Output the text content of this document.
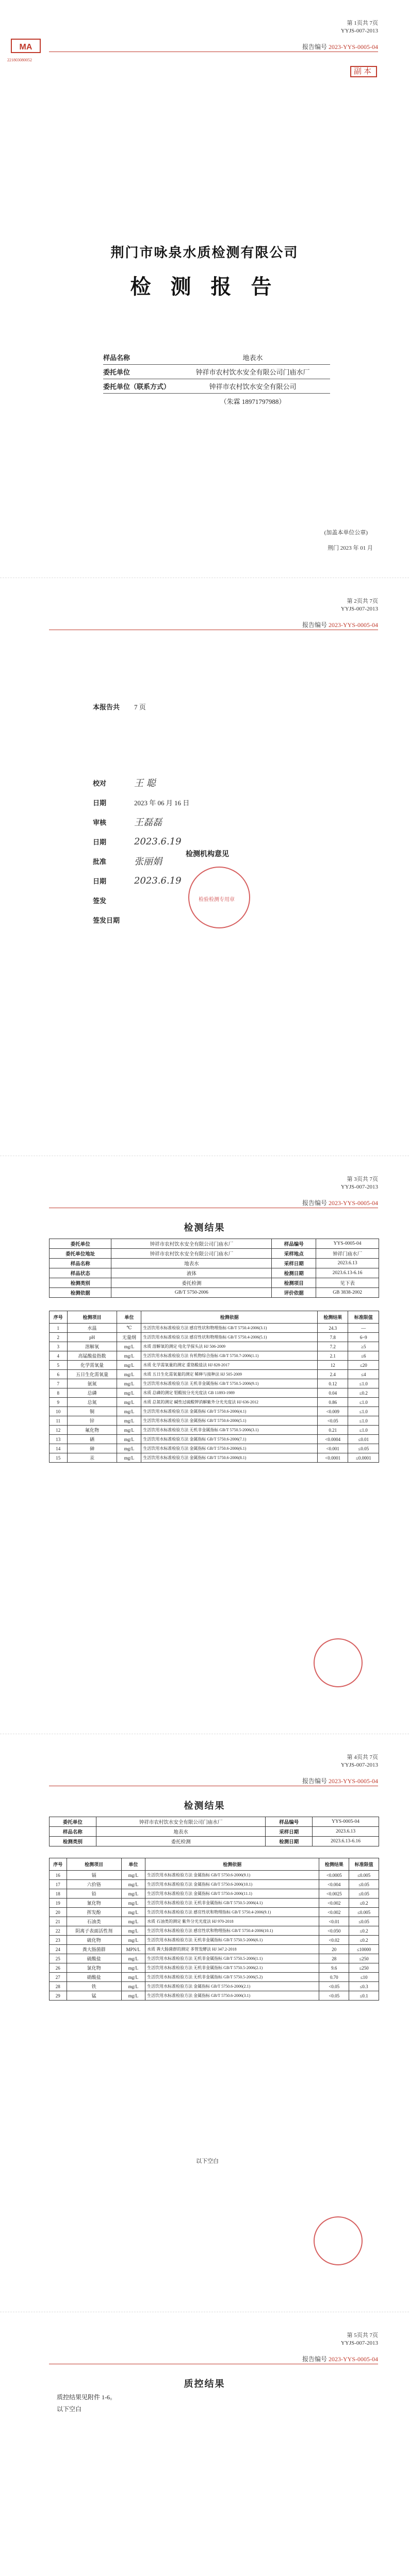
MA
221803080052
第 1页共 7页
YYJS-007-2013
报告编号 2023-YYS-0005-04
副本
荆门市咏泉水质检测有限公司
检 测 报 告
样品名称	地表水
委托单位	钟祥市农村饮水安全有限公司门庙水厂
委托单位（联系方式）	钟祥市农村饮水安全有限公司
（朱霖 18971797988）
(加盖本单位公章)
荆门 2023 年 01 月
第 2页共 7页
YYJS-007-2013
报告编号 2023-YYS-0005-04
本报告共	7 页
校对	王 聪
日期	2023 年 06 月 16 日
审核	王磊磊
日期	2023.6.19
批准	张丽娟
日期	2023.6.19
签发
签发日期
检测机构意见
检验检测专用章
第 3页共 7页
YYJS-007-2013
报告编号 2023-YYS-0005-04
检测结果
委托单位	钟祥市农村饮水安全有限公司门庙水厂	样品编号	YYS-0005-04
委托单位地址	钟祥市农村饮水安全有限公司门庙水厂	采样地点	钟祥门庙水厂
样品名称	地表水	采样日期	2023.6.13
样品状态	液体	检测日期	2023.6.13-6.16
检测类别	委托检测	检测项目	见下表
检测依据	GB/T 5750-2006	评价依据	GB 3838-2002
序号	检测项目	单位	检测依据	检测结果	标准限值
1	水温	℃	生活饮用水标准检验方法 感官性状和物理指标 GB/T 5750.4-2006(3.1)	24.3	—
2	pH	无量纲	生活饮用水标准检验方法 感官性状和物理指标 GB/T 5750.4-2006(5.1)	7.8	6~9
3	溶解氧	mg/L	水质 溶解氧的测定 电化学探头法 HJ 506-2009	7.2	≥5
4	高锰酸盐指数	mg/L	生活饮用水标准检验方法 有机物综合指标 GB/T 5750.7-2006(1.1)	2.1	≤6
5	化学需氧量	mg/L	水质 化学需氧量的测定 重铬酸盐法 HJ 828-2017	12	≤20
6	五日生化需氧量	mg/L	水质 五日生化需氧量的测定 稀释与接种法 HJ 505-2009	2.4	≤4
7	氨氮	mg/L	生活饮用水标准检验方法 无机非金属指标 GB/T 5750.5-2006(9.1)	0.12	≤1.0
8	总磷	mg/L	水质 总磷的测定 钼酸铵分光光度法 GB 11893-1989	0.04	≤0.2
9	总氮	mg/L	水质 总氮的测定 碱性过硫酸钾消解紫外分光光度法 HJ 636-2012	0.86	≤1.0
10	铜	mg/L	生活饮用水标准检验方法 金属指标 GB/T 5750.6-2006(4.1)	<0.009	≤1.0
11	锌	mg/L	生活饮用水标准检验方法 金属指标 GB/T 5750.6-2006(5.1)	<0.05	≤1.0
12	氟化物	mg/L	生活饮用水标准检验方法 无机非金属指标 GB/T 5750.5-2006(3.1)	0.21	≤1.0
13	硒	mg/L	生活饮用水标准检验方法 金属指标 GB/T 5750.6-2006(7.1)	<0.0004	≤0.01
14	砷	mg/L	生活饮用水标准检验方法 金属指标 GB/T 5750.6-2006(6.1)	<0.001	≤0.05
15	汞	mg/L	生活饮用水标准检验方法 金属指标 GB/T 5750.6-2006(8.1)	<0.0001	≤0.0001
第 4页共 7页
YYJS-007-2013
报告编号 2023-YYS-0005-04
检测结果
委托单位	钟祥市农村饮水安全有限公司门庙水厂	样品编号	YYS-0005-04
样品名称	地表水	采样日期	2023.6.13
检测类别	委托检测	检测日期	2023.6.13-6.16
序号	检测项目	单位	检测依据	检测结果	标准限值
16	镉	mg/L	生活饮用水标准检验方法 金属指标 GB/T 5750.6-2006(9.1)	<0.0005	≤0.005
17	六价铬	mg/L	生活饮用水标准检验方法 金属指标 GB/T 5750.6-2006(10.1)	<0.004	≤0.05
18	铅	mg/L	生活饮用水标准检验方法 金属指标 GB/T 5750.6-2006(11.1)	<0.0025	≤0.05
19	氰化物	mg/L	生活饮用水标准检验方法 无机非金属指标 GB/T 5750.5-2006(4.1)	<0.002	≤0.2
20	挥发酚	mg/L	生活饮用水标准检验方法 感官性状和物理指标 GB/T 5750.4-2006(9.1)	<0.002	≤0.005
21	石油类	mg/L	水质 石油类的测定 紫外分光光度法 HJ 970-2018	<0.01	≤0.05
22	阴离子表面活性剂	mg/L	生活饮用水标准检验方法 感官性状和物理指标 GB/T 5750.4-2006(10.1)	<0.050	≤0.2
23	硫化物	mg/L	生活饮用水标准检验方法 无机非金属指标 GB/T 5750.5-2006(6.1)	<0.02	≤0.2
24	粪大肠菌群	MPN/L	水质 粪大肠菌群的测定 多管发酵法 HJ 347.2-2018	20	≤10000
25	硫酸盐	mg/L	生活饮用水标准检验方法 无机非金属指标 GB/T 5750.5-2006(1.1)	28	≤250
26	氯化物	mg/L	生活饮用水标准检验方法 无机非金属指标 GB/T 5750.5-2006(2.1)	9.6	≤250
27	硝酸盐	mg/L	生活饮用水标准检验方法 无机非金属指标 GB/T 5750.5-2006(5.2)	0.70	≤10
28	铁	mg/L	生活饮用水标准检验方法 金属指标 GB/T 5750.6-2006(2.1)	<0.05	≤0.3
29	锰	mg/L	生活饮用水标准检验方法 金属指标 GB/T 5750.6-2006(3.1)	<0.05	≤0.1
以下空白
第 5页共 7页
YYJS-007-2013
报告编号 2023-YYS-0005-04
质控结果

质控结果见附件 1-6。

以下空白
